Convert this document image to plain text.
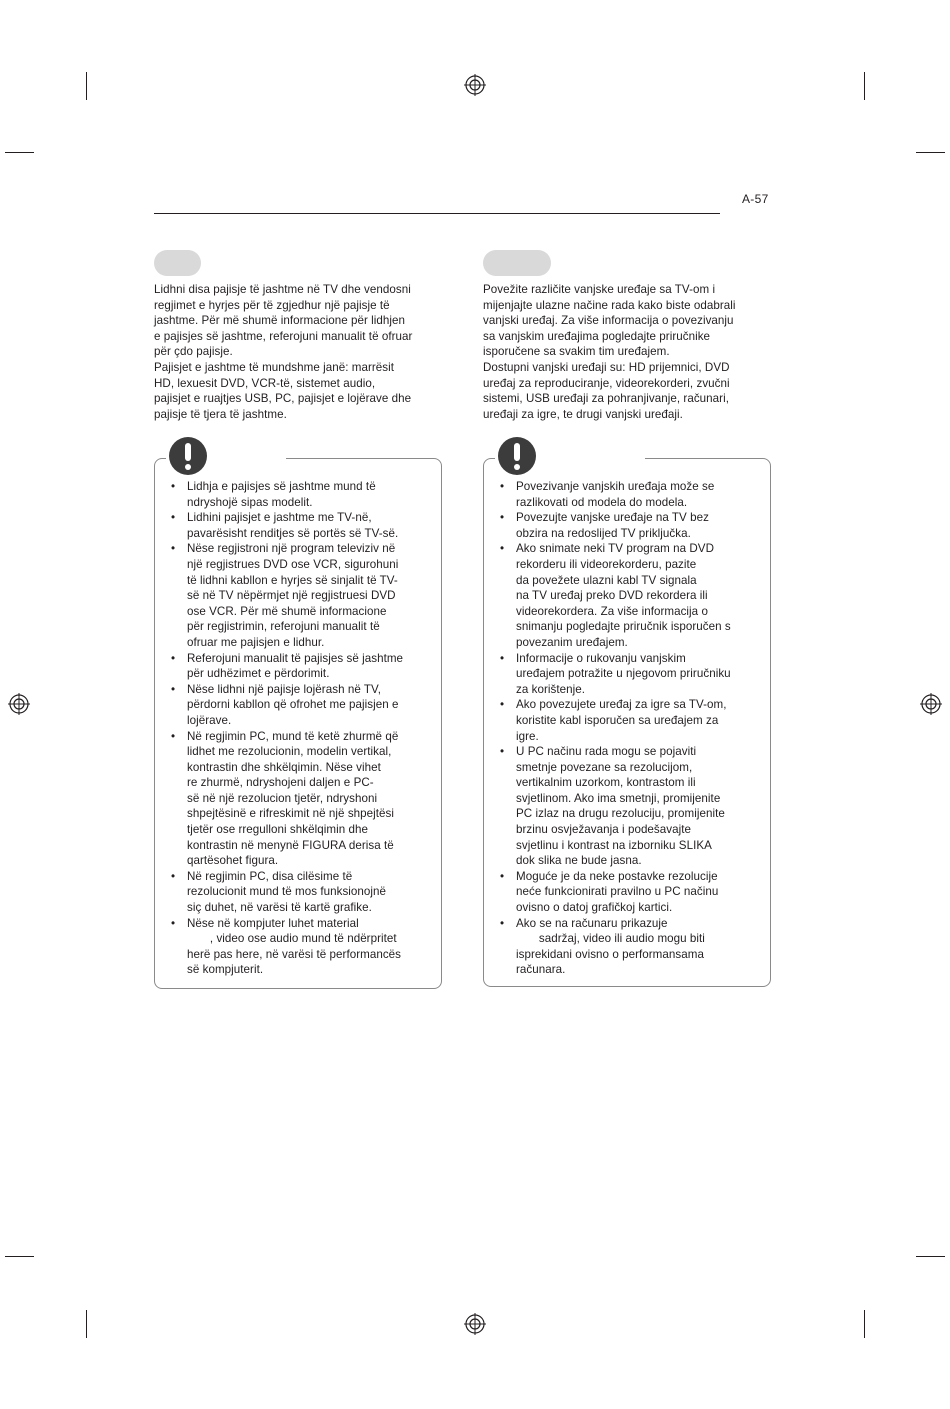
A-57

Lidhni disa pajisje të jashtme në TV dhe vendosni

regjimet e hyrjes për të zgjedhur një pajisje të

jashtme. Për më shumë informacione për lidhjen

e pajisjes së jashtme, referojuni manualit të ofruar

për çdo pajisje.

Pajisjet e jashtme të mundshme janë: marrësit

HD, lexuesit DVD, VCR-të, sistemet audio,

pajisjet e ruajtjes USB, PC, pajisjet e lojërave dhe

pajisje të tjera të jashtme.

Povežite različite vanjske uređaje sa TV-om i

mijenjajte ulazne načine rada kako biste odabrali

vanjski uređaj. Za više informacija o povezivanju

sa vanjskim uređajima pogledajte priručnike

isporučene sa svakim tim uređajem.

Dostupni vanjski uređaji su: HD prijemnici, DVD

uređaj za reproduciranje, videorekorderi, zvučni

sistemi, USB uređaji za pohranjivanje, računari,

uređaji za igre, te drugi vanjski uređaji.

• Lidhja e pajisjes së jashtme mund të
ndryshojë sipas modelit.
• Lidhini pajisjet e jashtme me TV-në,
pavarësisht renditjes së portës së TV-së.
• Nëse regjistroni një program televiziv në
një regjistrues DVD ose VCR, sigurohuni
të lidhni kabllon e hyrjes së sinjalit të TV-
së në TV nëpërmjet një regjistruesi DVD
ose VCR. Për më shumë informacione
për regjistrimin, referojuni manualit të
ofruar me pajisjen e lidhur.
• Referojuni manualit të pajisjes së jashtme
për udhëzimet e përdorimit.
• Nëse lidhni një pajisje lojërash në TV,
përdorni kabllon që ofrohet me pajisjen e
lojërave.
• Në regjimin PC, mund të ketë zhurmë që
lidhet me rezolucionin, modelin vertikal,
kontrastin dhe shkëlqimin. Nëse vihet
re zhurmë, ndryshojeni daljen e PC-
së në një rezolucion tjetër, ndryshoni
shpejtësinë e rifreskimit në një shpejtësi
tjetër ose rregulloni shkëlqimin dhe
kontrastin në menynë FIGURA derisa të
qartësohet figura.
• Në regjimin PC, disa cilësime të
rezolucionit mund të mos funksionojnë
siç duhet, në varësi të kartë grafike.
• Nëse në kompjuter luhet material
, video ose audio mund të ndërpritet
herë pas here, në varësi të performancës
së kompjuterit.
• Povezivanje vanjskih uređaja može se
razlikovati od modela do modela.
• Povezujte vanjske uređaje na TV bez
obzira na redoslijed TV priključka.
• Ako snimate neki TV program na DVD
rekorderu ili videorekorderu, pazite
da povežete ulazni kabl TV signala
na TV uređaj preko DVD rekordera ili
videorekordera. Za više informacija o
snimanju pogledajte priručnik isporučen s
povezanim uređajem.
• Informacije o rukovanju vanjskim
uređajem potražite u njegovom priručniku
za korištenje.
• Ako povezujete uređaj za igre sa TV-om,
koristite kabl isporučen sa uređajem za
igre.
• U PC načinu rada mogu se pojaviti
smetnje povezane sa rezolucijom,
vertikalnim uzorkom, kontrastom ili
svjetlinom. Ako ima smetnji, promijenite
PC izlaz na drugu rezoluciju, promijenite
brzinu osvježavanja i podešavajte
svjetlinu i kontrast na izborniku SLIKA
dok slika ne bude jasna.
• Moguće je da neke postavke rezolucije
neće funkcionirati pravilno u PC načinu
ovisno o datoj grafičkoj kartici.
• Ako se na računaru prikazuje
sadržaj, video ili audio mogu biti
isprekidani ovisno o performansama
računara.
